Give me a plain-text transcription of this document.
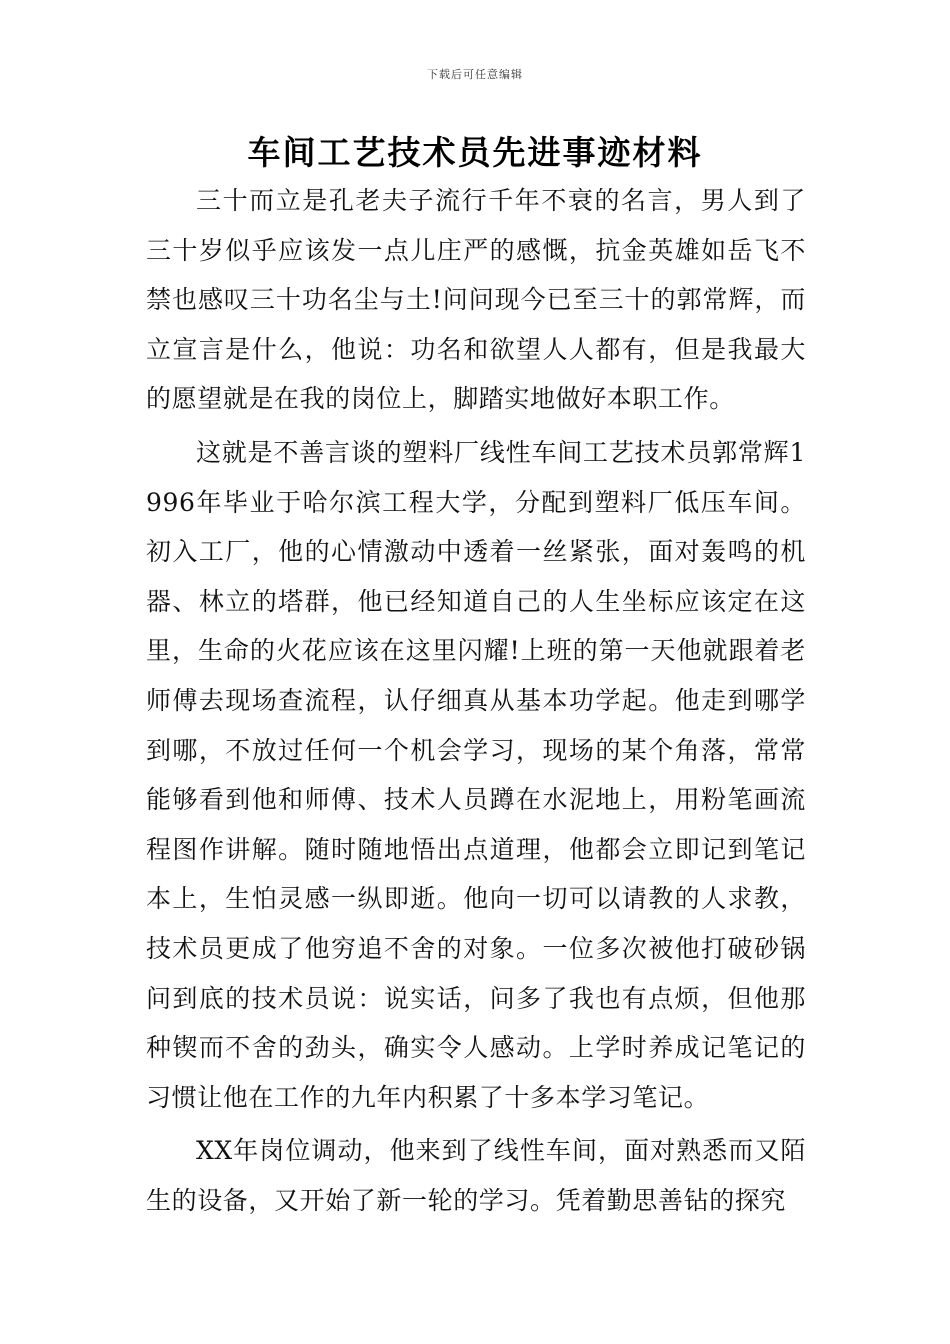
下载后可任意编辑
车间工艺技术员先进事迹材料

三十而立是孔老夫子流行千年不衰的名言，男人到了三十岁似乎应该发一点儿庄严的感慨，抗金英雄如岳飞不禁也感叹三十功名尘与土!问问现今已至三十的郭常辉，而立宣言是什么，他说：功名和欲望人人都有，但是我最大的愿望就是在我的岗位上，脚踏实地做好本职工作。

这就是不善言谈的塑料厂线性车间工艺技术员郭常辉1996年毕业于哈尔滨工程大学，分配到塑料厂低压车间。初入工厂，他的心情激动中透着一丝紧张，面对轰鸣的机器、林立的塔群，他已经知道自己的人生坐标应该定在这里，生命的火花应该在这里闪耀!上班的第一天他就跟着老师傅去现场查流程，认仔细真从基本功学起。他走到哪学到哪，不放过任何一个机会学习，现场的某个角落，常常能够看到他和师傅、技术人员蹲在水泥地上，用粉笔画流程图作讲解。随时随地悟出点道理，他都会立即记到笔记本上，生怕灵感一纵即逝。他向一切可以请教的人求教，技术员更成了他穷追不舍的对象。一位多次被他打破砂锅问到底的技术员说：说实话，问多了我也有点烦，但他那种锲而不舍的劲头，确实令人感动。上学时养成记笔记的习惯让他在工作的九年内积累了十多本学习笔记。

XX年岗位调动，他来到了线性车间，面对熟悉而又陌生的设备，又开始了新一轮的学习。凭着勤思善钻的探究
